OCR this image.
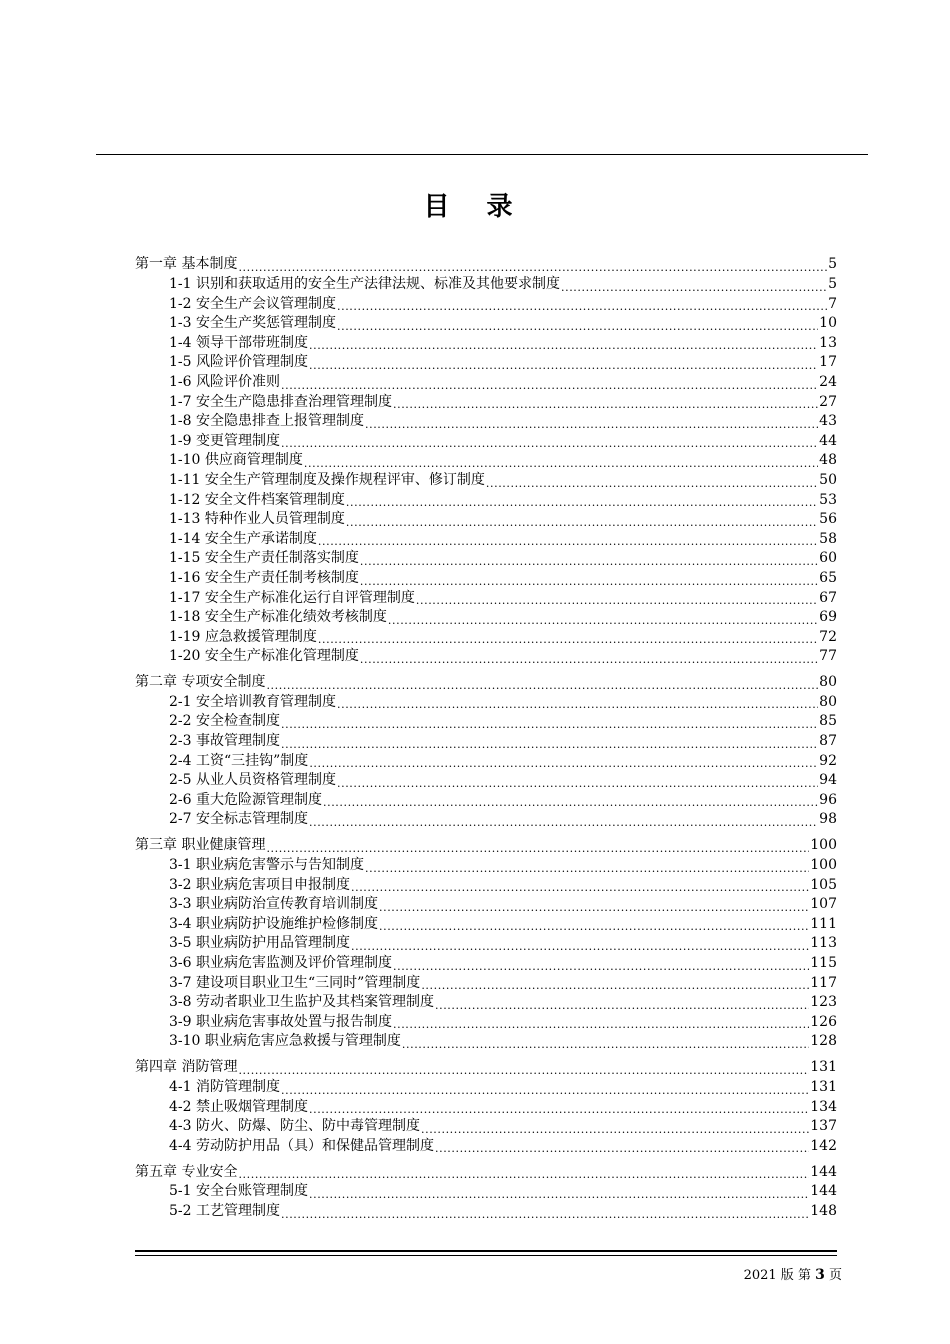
目 录
第一章 基本制度 .....	5
1-1 识别和获取适用的安全生产法律法规、标准及其他要求制度 .....	5
1-2 安全生产会议管理制度 .....	7
1-3 安全生产奖惩管理制度 .....	10
1-4 领导干部带班制度 .....	13
1-5 风险评价管理制度 .....	17
1-6 风险评价准则 .....	24
1-7 安全生产隐患排查治理管理制度 .....	27
1-8 安全隐患排查上报管理制度 .....	43
1-9 变更管理制度 .....	44
1-10 供应商管理制度 .....	48
1-11 安全生产管理制度及操作规程评审、修订制度 .....	50
1-12 安全文件档案管理制度 .....	53
1-13 特种作业人员管理制度 .....	56
1-14 安全生产承诺制度 .....	58
1-15 安全生产责任制落实制度 .....	60
1-16 安全生产责任制考核制度 .....	65
1-17 安全生产标准化运行自评管理制度 .....	67
1-18 安全生产标准化绩效考核制度 .....	69
1-19 应急救援管理制度 .....	72
1-20 安全生产标准化管理制度 .....	77
第二章 专项安全制度 .....	80
2-1 安全培训教育管理制度 .....	80
2-2 安全检查制度 .....	85
2-3 事故管理制度 .....	87
2-4 工资“三挂钩”制度 .....	92
2-5 从业人员资格管理制度 .....	94
2-6 重大危险源管理制度 .....	96
2-7 安全标志管理制度 .....	98
第三章 职业健康管理 .....	100
3-1 职业病危害警示与告知制度 .....	100
3-2 职业病危害项目申报制度 .....	105
3-3 职业病防治宣传教育培训制度 .....	107
3-4 职业病防护设施维护检修制度 .....	111
3-5 职业病防护用品管理制度 .....	113
3-6 职业病危害监测及评价管理制度 .....	115
3-7 建设项目职业卫生“三同时”管理制度 .....	117
3-8 劳动者职业卫生监护及其档案管理制度 .....	123
3-9 职业病危害事故处置与报告制度 .....	126
3-10 职业病危害应急救援与管理制度 .....	128
第四章 消防管理 .....	131
4-1 消防管理制度 .....	131
4-2 禁止吸烟管理制度 .....	134
4-3 防火、防爆、防尘、防中毒管理制度 .....	137
4-4 劳动防护用品（具）和保健品管理制度 .....	142
第五章 专业安全 .....	144
5-1 安全台账管理制度 .....	144
5-2 工艺管理制度 .....	148
2021 版 第 3 页
